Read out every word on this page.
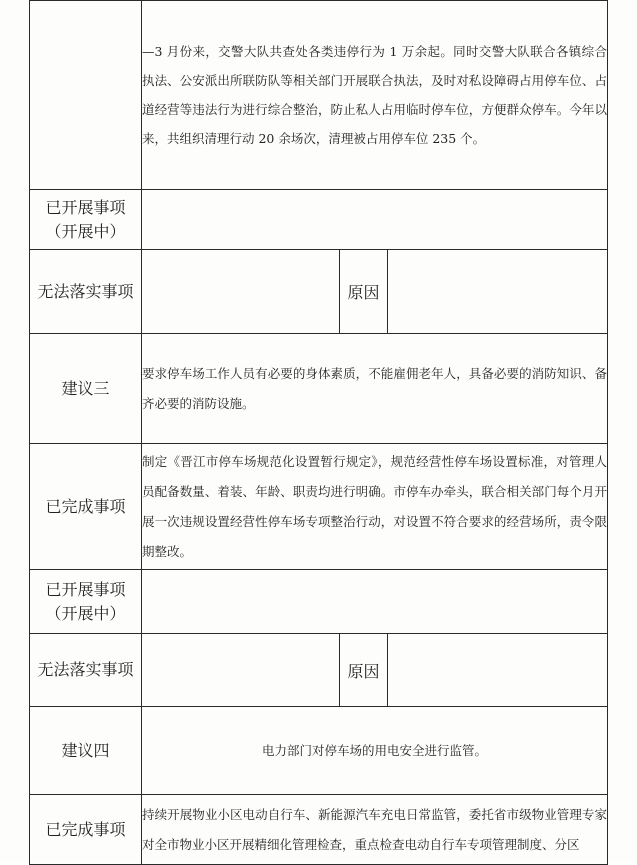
	—3 月份来，交警大队共查处各类违停行为 1 万余起。同时交警大队联合各镇综合执法、公安派出所联防队等相关部门开展联合执法，及时对私设障碍占用停车位、占道经营等违法行为进行综合整治，防止私人占用临时停车位，方便群众停车。今年以来，共组织清理行动 20 余场次，清理被占用停车位 235 个。		

已开展事项
（开展中）			

无法落实事项		原因	
建议三	要求停车场工作人员有必要的身体素质，不能雇佣老年人，具备必要的消防知识、备齐必要的消防设施。		
已完成事项	制定《晋江市停车场规范化设置暂行规定》，规范经营性停车场设置标准，对管理人员配备数量、着装、年龄、职责均进行明确。市停车办牵头，联合相关部门每个月开展一次违规设置经营性停车场专项整治行动，对设置不符合要求的经营场所，责令限期整改。		

已开展事项
（开展中）			

无法落实事项		原因	
建议四	电力部门对停车场的用电安全进行监管。		
已完成事项	持续开展物业小区电动自行车、新能源汽车充电日常监管，委托省市级物业管理专家对全市物业小区开展精细化管理检查，重点检查电动自行车专项管理制度、分区		
